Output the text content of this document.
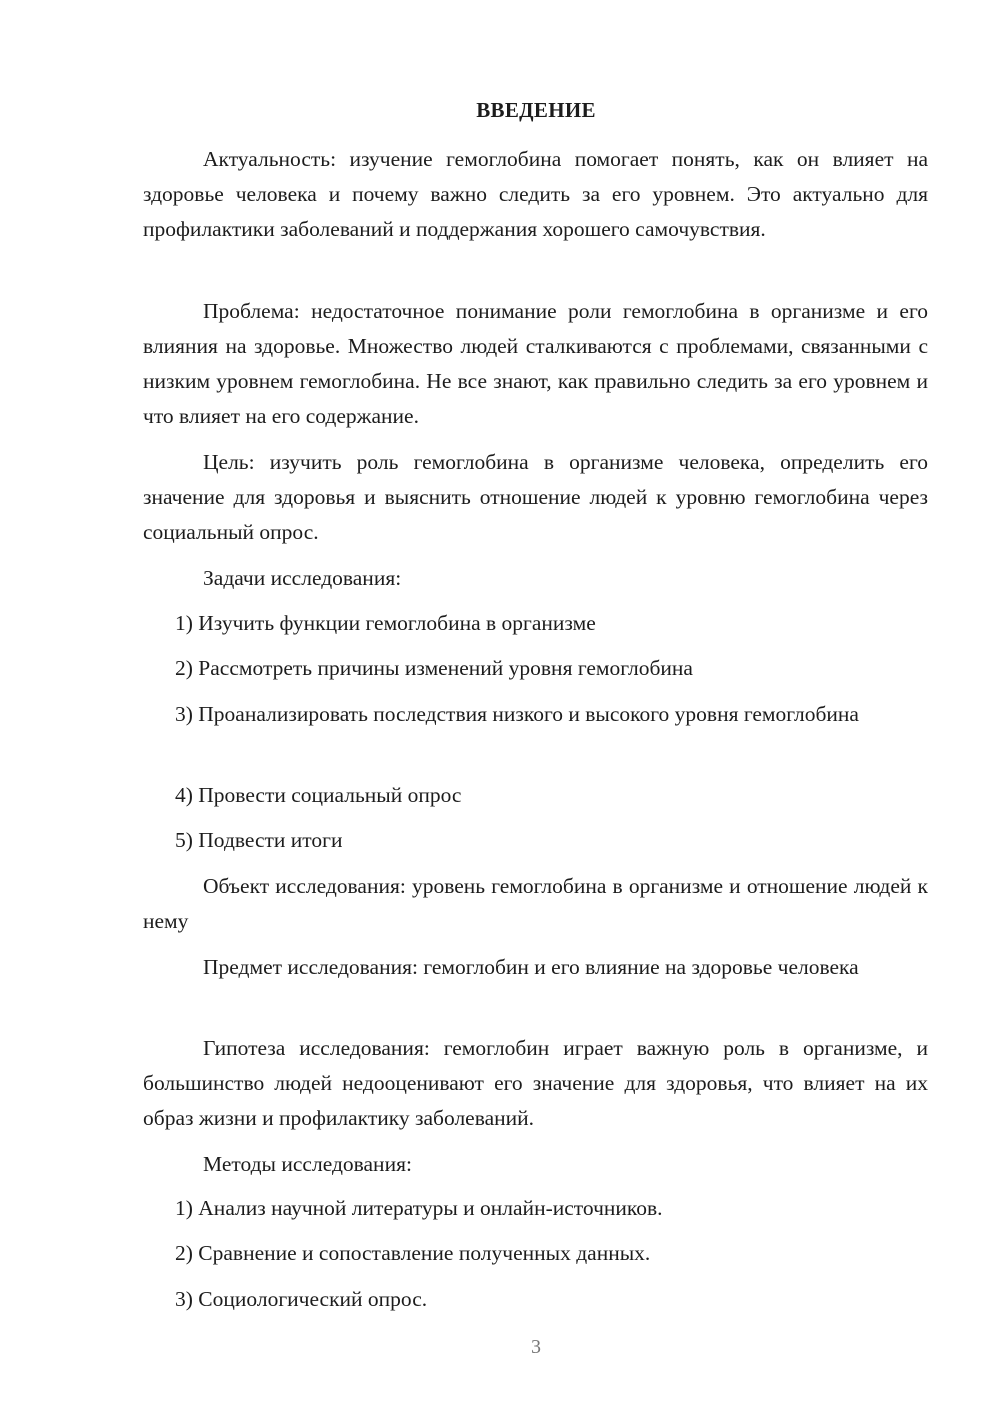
ВВЕДЕНИЕ

Актуальность: изучение гемоглобина помогает понять, как он влияет на здоровье человека и почему важно следить за его уровнем. Это актуально для профилактики заболеваний и поддержания хорошего самочувствия.

Проблема: недостаточное понимание роли гемоглобина в организме и его влияния на здоровье. Множество людей сталкиваются с проблемами, связанными с низким уровнем гемоглобина. Не все знают, как правильно следить за его уровнем и что влияет на его содержание.

Цель: изучить роль гемоглобина в организме человека, определить его значение для здоровья и выяснить отношение людей к уровню гемоглобина через социальный опрос.

Задачи исследования:

1) Изучить функции гемоглобина в организме

2) Рассмотреть причины изменений уровня гемоглобина

3) Проанализировать последствия низкого и высокого уровня гемоглобина

4) Провести социальный опрос

5) Подвести итоги

Объект исследования: уровень гемоглобина в организме и отношение людей к нему

Предмет исследования: гемоглобин и его влияние на здоровье человека

Гипотеза исследования: гемоглобин играет важную роль в организме, и большинство людей недооценивают его значение для здоровья, что влияет на их образ жизни и профилактику заболеваний.

Методы исследования:

1) Анализ научной литературы и онлайн-источников.

2) Сравнение и сопоставление полученных данных.

3) Социологический опрос.

3
